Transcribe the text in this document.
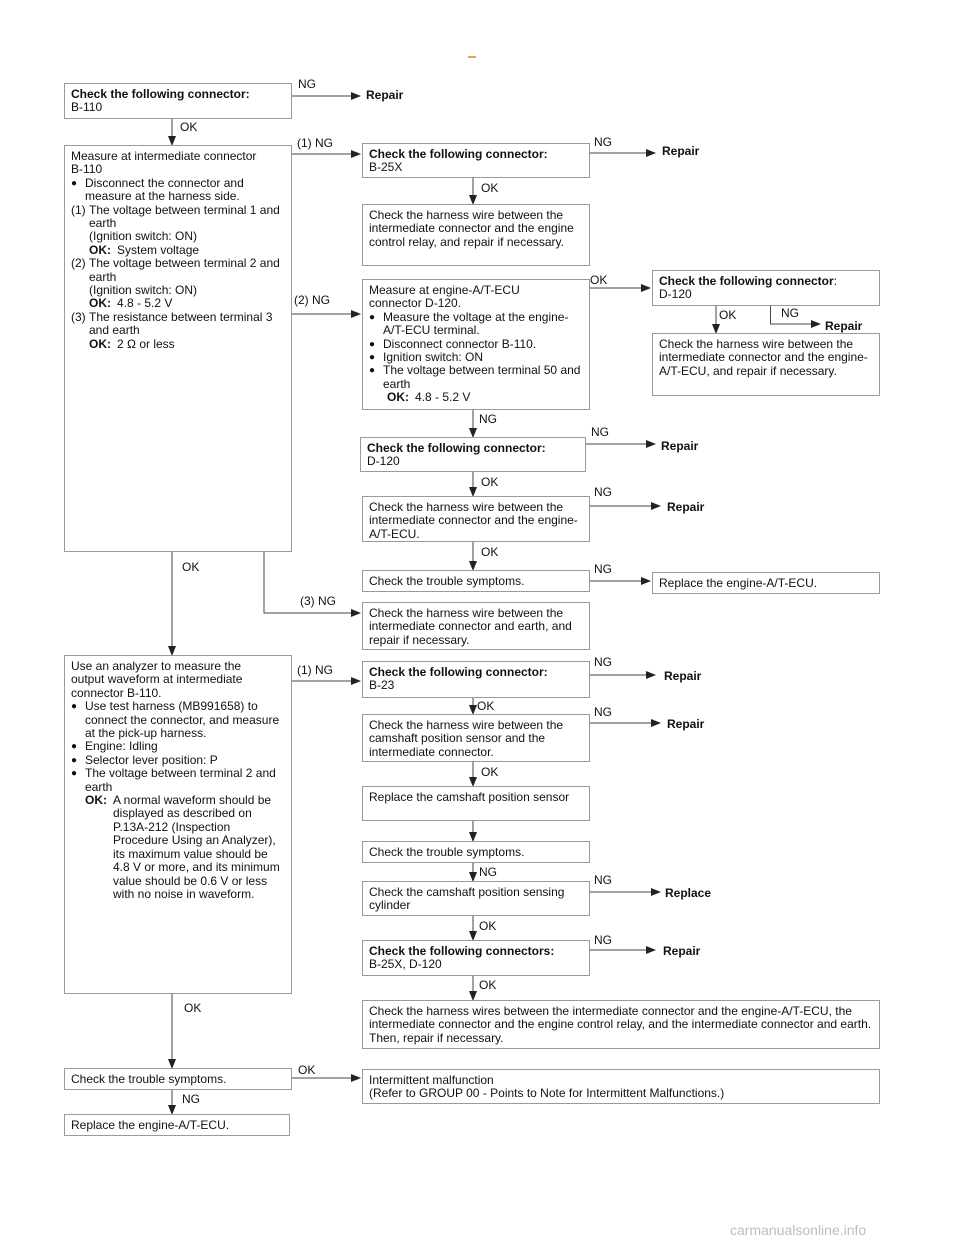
Check the following connector:
B-110
NG
Repair
OK
Measure at intermediate connector
B-110
● Disconnect the connector and measure at the harness side.
(1) The voltage between terminal 1 and earth
(Ignition switch: ON)
OK: System voltage
(2) The voltage between terminal 2 and earth
(Ignition switch: ON)
OK: 4.8 - 5.2 V
(3) The resistance between terminal 3 and earth
OK: 2 Ω or less
(1) NG
(2) NG
(3) NG
OK
Check the following connector:
B-25X
NG
Repair
OK
Check the harness wire between the intermediate connector and the engine control relay, and repair if necessary.
Measure at engine-A/T-ECU
connector D-120.
● Measure the voltage at the engine-A/T-ECU terminal.
● Disconnect connector B-110.
● Ignition switch: ON
● The voltage between terminal 50 and earth
OK: 4.8 - 5.2 V
OK
NG
Check the following connector:
D-120
OK	NG
Repair
Check the harness wire between the intermediate connector and the engine-A/T-ECU, and repair if necessary.
Check the following connector:
D-120
NG
Repair
OK
Check the harness wire between the intermediate connector and the engine-A/T-ECU.
NG
Repair
OK
Check the trouble symptoms.
NG
Replace the engine-A/T-ECU.
Check the harness wire between the intermediate connector and earth, and repair if necessary.
Use an analyzer to measure the
output waveform at intermediate
connector B-110.
● Use test harness (MB991658) to connect the connector, and measure at the pick-up harness.
● Engine: Idling
● Selector lever position: P
● The voltage between terminal 2 and earth
OK: A normal waveform should be displayed as described on P.13A-212 (Inspection Procedure Using an Analyzer), its maximum value should be 4.8 V or more, and its minimum value should be 0.6 V or less with no noise in waveform.
(1) NG
OK
Check the following connector:
B-23
NG
Repair
OK
Check the harness wire between the camshaft position sensor and the intermediate connector.
NG
Repair
OK
Replace the camshaft position sensor
Check the trouble symptoms.
NG
Check the camshaft position sensing cylinder
NG
Replace
OK
Check the following connectors:
B-25X, D-120
NG
Repair
OK
Check the harness wires between the intermediate connector and the engine-A/T-ECU, the intermediate connector and the engine control relay, and the intermediate connector and earth. Then, repair if necessary.
Check the trouble symptoms.
OK
NG
Intermittent malfunction
(Refer to GROUP 00 - Points to Note for Intermittent Malfunctions.)
Replace the engine-A/T-ECU.
carmanualsonline.info
